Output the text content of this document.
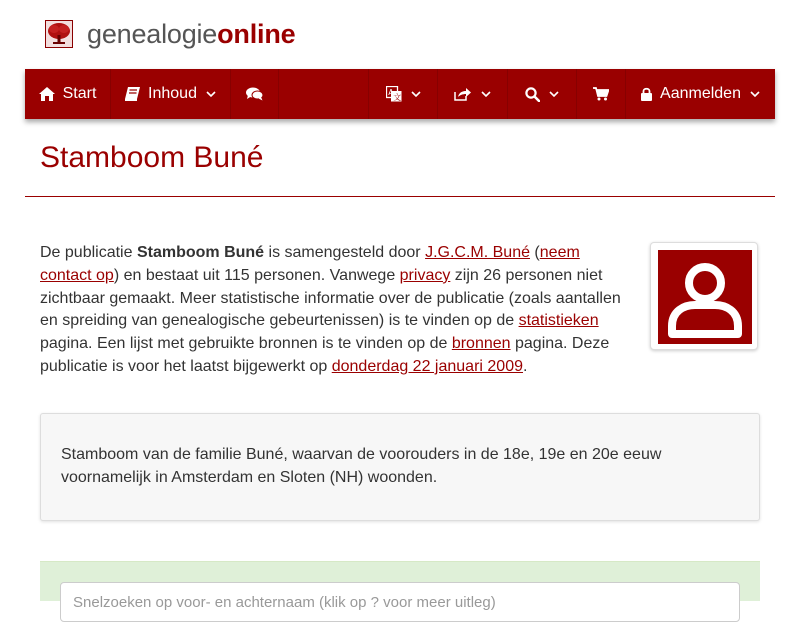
genealogieonline
Start	Inhoud	A
文	Aanmelden
Stamboom Buné

De publicatie Stamboom Buné is samengesteld door J.G.C.M. Buné (neem contact op) en bestaat uit 115 personen. Vanwege privacy zijn 26 personen niet zichtbaar gemaakt. Meer statistische informatie over de publicatie (zoals aantallen en spreiding van genealogische gebeurtenissen) is te vinden op de statistieken pagina. Een lijst met gebruikte bronnen is te vinden op de bronnen pagina. Deze publicatie is voor het laatst bijgewerkt op donderdag 22 januari 2009.

Stamboom van de familie Buné, waarvan de voorouders in de 18e, 19e en 20e eeuw voornamelijk in Amsterdam en Sloten (NH) woonden.

Snelzoeken op voor- en achternaam (klik op ? voor meer uitleg)
